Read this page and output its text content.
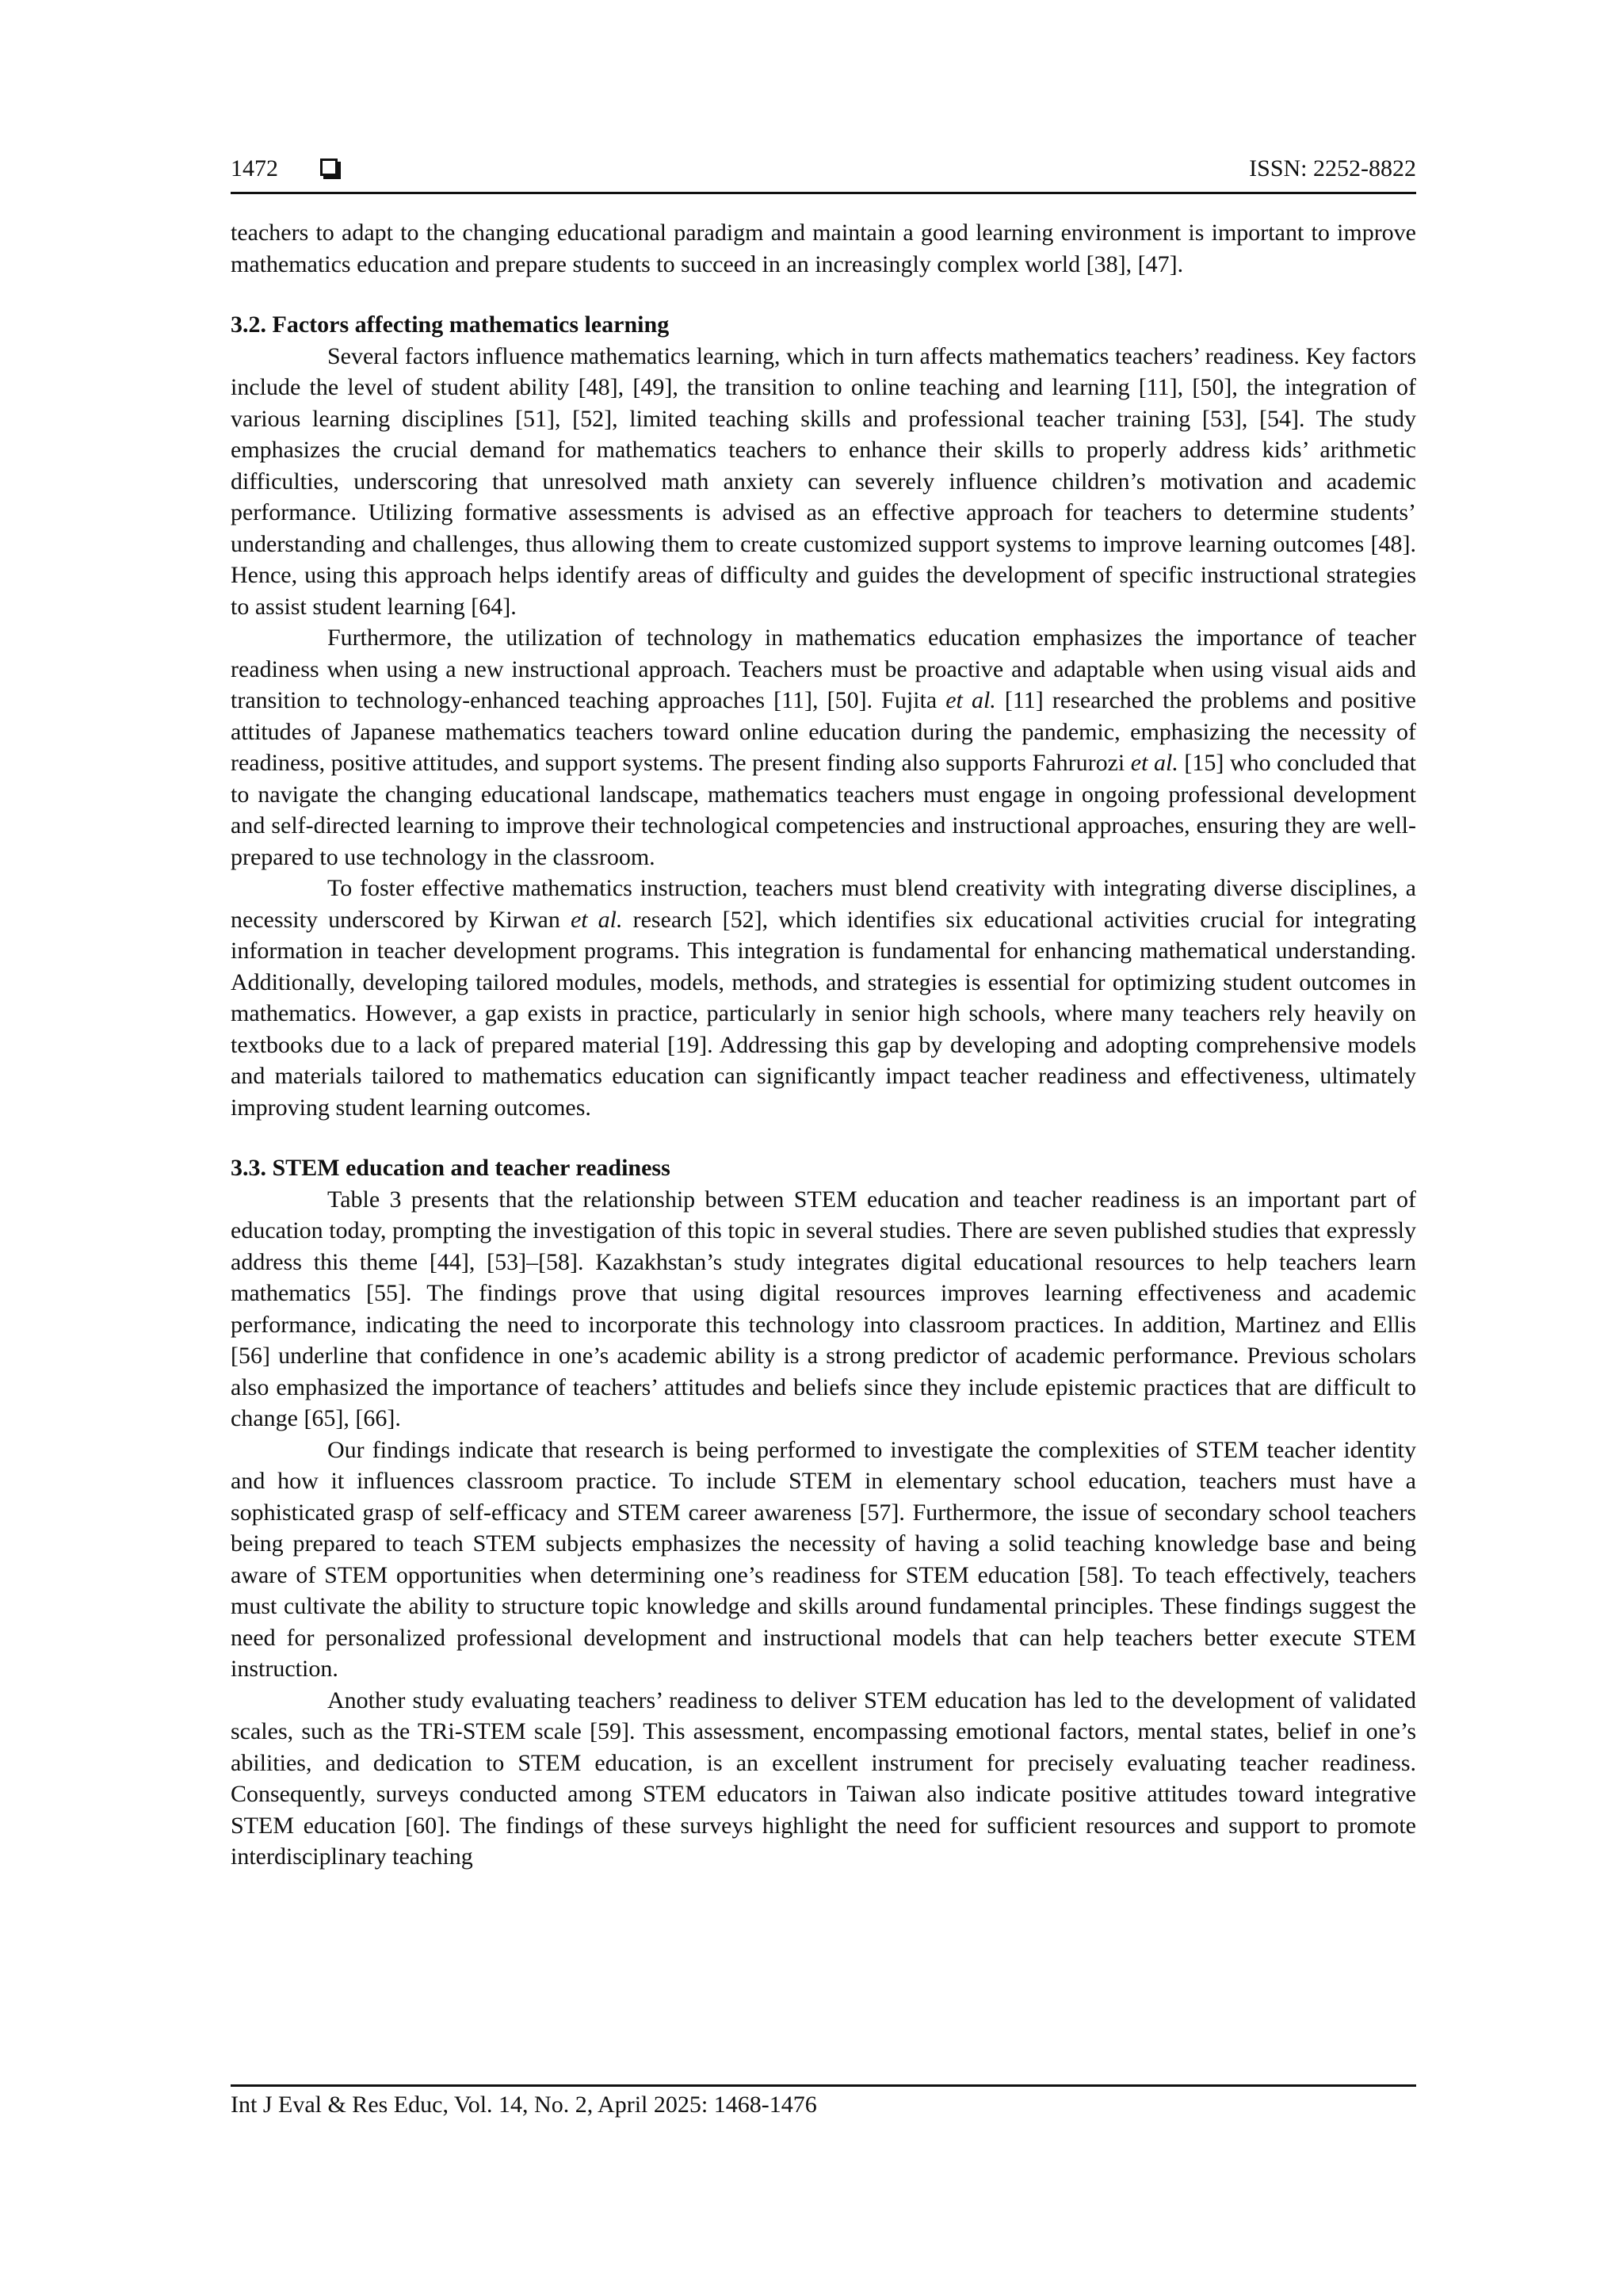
1472	ISSN: 2252-8822

teachers to adapt to the changing educational paradigm and maintain a good learning environment is important to improve mathematics education and prepare students to succeed in an increasingly complex world [38], [47].

3.2. Factors affecting mathematics learning

Several factors influence mathematics learning, which in turn affects mathematics teachers’ readiness. Key factors include the level of student ability [48], [49], the transition to online teaching and learning [11], [50], the integration of various learning disciplines [51], [52], limited teaching skills and professional teacher training [53], [54]. The study emphasizes the crucial demand for mathematics teachers to enhance their skills to properly address kids’ arithmetic difficulties, underscoring that unresolved math anxiety can severely influence children’s motivation and academic performance. Utilizing formative assessments is advised as an effective approach for teachers to determine students’ understanding and challenges, thus allowing them to create customized support systems to improve learning outcomes [48]. Hence, using this approach helps identify areas of difficulty and guides the development of specific instructional strategies to assist student learning [64].

Furthermore, the utilization of technology in mathematics education emphasizes the importance of teacher readiness when using a new instructional approach. Teachers must be proactive and adaptable when using visual aids and transition to technology-enhanced teaching approaches [11], [50]. Fujita et al. [11] researched the problems and positive attitudes of Japanese mathematics teachers toward online education during the pandemic, emphasizing the necessity of readiness, positive attitudes, and support systems. The present finding also supports Fahrurozi et al. [15] who concluded that to navigate the changing educational landscape, mathematics teachers must engage in ongoing professional development and self-directed learning to improve their technological competencies and instructional approaches, ensuring they are well-prepared to use technology in the classroom.

To foster effective mathematics instruction, teachers must blend creativity with integrating diverse disciplines, a necessity underscored by Kirwan et al. research [52], which identifies six educational activities crucial for integrating information in teacher development programs. This integration is fundamental for enhancing mathematical understanding. Additionally, developing tailored modules, models, methods, and strategies is essential for optimizing student outcomes in mathematics. However, a gap exists in practice, particularly in senior high schools, where many teachers rely heavily on textbooks due to a lack of prepared material [19]. Addressing this gap by developing and adopting comprehensive models and materials tailored to mathematics education can significantly impact teacher readiness and effectiveness, ultimately improving student learning outcomes.

3.3. STEM education and teacher readiness

Table 3 presents that the relationship between STEM education and teacher readiness is an important part of education today, prompting the investigation of this topic in several studies. There are seven published studies that expressly address this theme [44], [53]–[58]. Kazakhstan’s study integrates digital educational resources to help teachers learn mathematics [55]. The findings prove that using digital resources improves learning effectiveness and academic performance, indicating the need to incorporate this technology into classroom practices. In addition, Martinez and Ellis [56] underline that confidence in one’s academic ability is a strong predictor of academic performance. Previous scholars also emphasized the importance of teachers’ attitudes and beliefs since they include epistemic practices that are difficult to change [65], [66].

Our findings indicate that research is being performed to investigate the complexities of STEM teacher identity and how it influences classroom practice. To include STEM in elementary school education, teachers must have a sophisticated grasp of self-efficacy and STEM career awareness [57]. Furthermore, the issue of secondary school teachers being prepared to teach STEM subjects emphasizes the necessity of having a solid teaching knowledge base and being aware of STEM opportunities when determining one’s readiness for STEM education [58]. To teach effectively, teachers must cultivate the ability to structure topic knowledge and skills around fundamental principles. These findings suggest the need for personalized professional development and instructional models that can help teachers better execute STEM instruction.

Another study evaluating teachers’ readiness to deliver STEM education has led to the development of validated scales, such as the TRi-STEM scale [59]. This assessment, encompassing emotional factors, mental states, belief in one’s abilities, and dedication to STEM education, is an excellent instrument for precisely evaluating teacher readiness. Consequently, surveys conducted among STEM educators in Taiwan also indicate positive attitudes toward integrative STEM education [60]. The findings of these surveys highlight the need for sufficient resources and support to promote interdisciplinary teaching

Int J Eval & Res Educ, Vol. 14, No. 2, April 2025: 1468-1476
